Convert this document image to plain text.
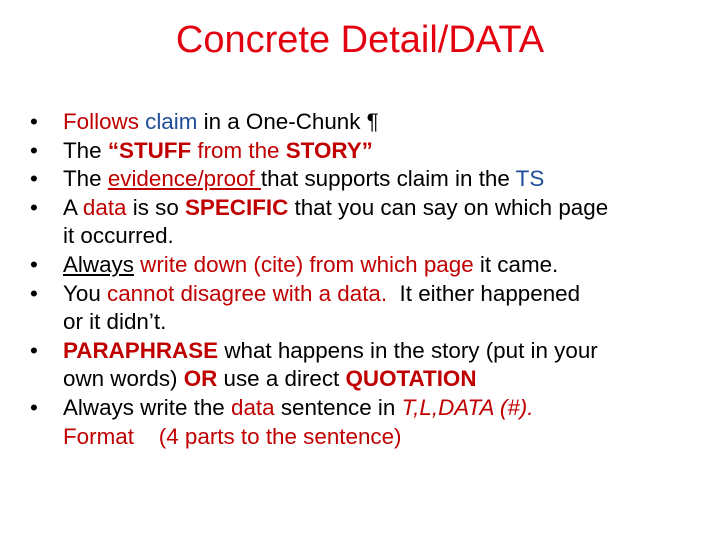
Concrete Detail/DATA
• Follows claim in a One-Chunk ¶
• The “STUFF from the STORY”
• The evidence/proof that supports claim in the TS
• A data is so SPECIFIC that you can say on which page
it occurred.
• Always write down (cite) from which page it came.
• You cannot disagree with a data.  It either happened
or it didn’t.
• PARAPHRASE what happens in the story (put in your
own words) OR use a direct QUOTATION
• Always write the data sentence in T,L,DATA (#).
Format    (4 parts to the sentence)
